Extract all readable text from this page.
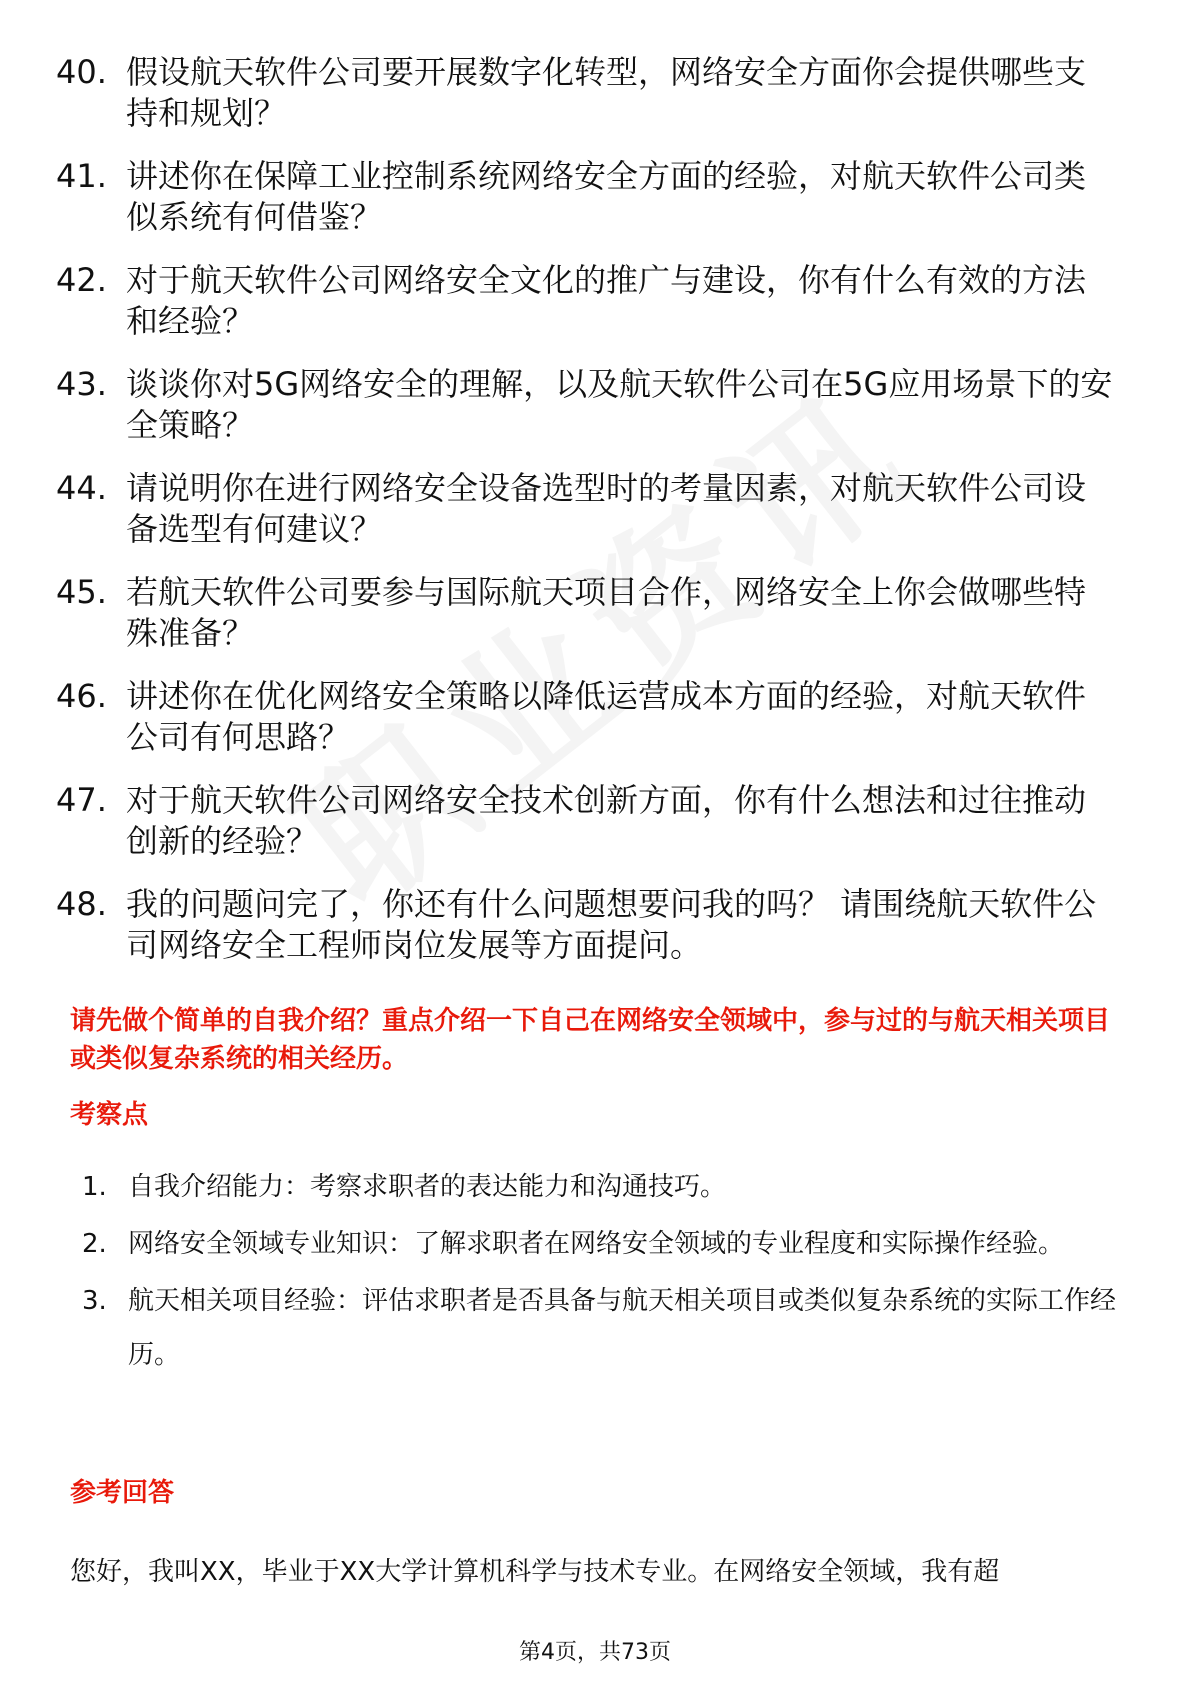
40. 假设航天软件公司要开展数字化转型，网络安全方面你会提供哪些支持和规划？
41. 讲述你在保障工业控制系统网络安全方面的经验，对航天软件公司类似系统有何借鉴？
42. 对于航天软件公司网络安全文化的推广与建设，你有什么有效的方法和经验？
43. 谈谈你对5G网络安全的理解，以及航天软件公司在5G应用场景下的安全策略？
44. 请说明你在进行网络安全设备选型时的考量因素，对航天软件公司设备选型有何建议？
45. 若航天软件公司要参与国际航天项目合作，网络安全上你会做哪些特殊准备？
46. 讲述你在优化网络安全策略以降低运营成本方面的经验，对航天软件公司有何思路？
47. 对于航天软件公司网络安全技术创新方面，你有什么想法和过往推动创新的经验？
48. 我的问题问完了，你还有什么问题想要问我的吗？ 请围绕航天软件公司网络安全工程师岗位发展等方面提问。
请先做个简单的自我介绍？重点介绍一下自己在网络安全领域中，参与过的与航天相关项目或类似复杂系统的相关经历。
考察点
1. 自我介绍能力：考察求职者的表达能力和沟通技巧。
2. 网络安全领域专业知识：了解求职者在网络安全领域的专业程度和实际操作经验。
3. 航天相关项目经验：评估求职者是否具备与航天相关项目或类似复杂系统的实际工作经历。
参考回答
您好，我叫XX，毕业于XX大学计算机科学与技术专业。在网络安全领域，我有超
第4页，共73页
